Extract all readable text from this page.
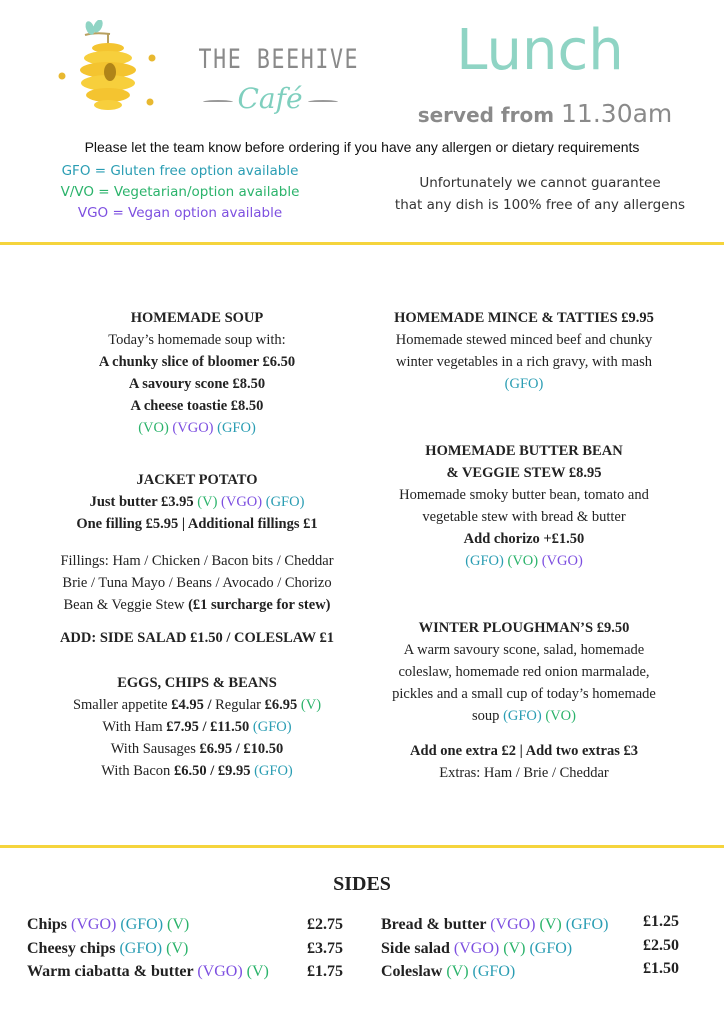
THE BEEHIVE
Café
Lunch
served from 11.30am
Please let the team know before ordering if you have any allergen or dietary requirements
GFO = Gluten free option available
V/VO = Vegetarian/option available
VGO = Vegan option available
Unfortunately we cannot guarantee
that any dish is 100% free of any allergens
HOMEMADE SOUP
Today’s homemade soup with:
A chunky slice of bloomer £6.50
A savoury scone £8.50
A cheese toastie £8.50
(VO) (VGO) (GFO)
JACKET POTATO
Just butter £3.95 (V) (VGO) (GFO)
One filling £5.95 | Additional fillings £1
Fillings: Ham / Chicken / Bacon bits / Cheddar
Brie / Tuna Mayo / Beans / Avocado / Chorizo
Bean & Veggie Stew (£1 surcharge for stew)
ADD: SIDE SALAD £1.50 / COLESLAW £1
EGGS, CHIPS & BEANS
Smaller appetite £4.95 / Regular £6.95 (V)
With Ham £7.95 / £11.50 (GFO)
With Sausages £6.95 / £10.50
With Bacon £6.50 / £9.95 (GFO)
HOMEMADE MINCE & TATTIES £9.95
Homemade stewed minced beef and chunky
winter vegetables in a rich gravy, with mash
(GFO)
HOMEMADE BUTTER BEAN
& VEGGIE STEW £8.95
Homemade smoky butter bean, tomato and
vegetable stew with bread & butter
Add chorizo +£1.50
(GFO) (VO) (VGO)
WINTER PLOUGHMAN’S £9.50
A warm savoury scone, salad, homemade
coleslaw, homemade red onion marmalade,
pickles and a small cup of today’s homemade
soup (GFO) (VO)
Add one extra £2 | Add two extras £3
Extras: Ham / Brie / Cheddar
SIDES
Chips (VGO) (GFO) (V)	£2.75
Cheesy chips (GFO) (V)	£3.75
Warm ciabatta & butter (VGO) (V) £1.75
Bread & butter (VGO) (V) (GFO) £1.25
Side salad (VGO) (V) (GFO)	£2.50
Coleslaw (V) (GFO)	£1.50
